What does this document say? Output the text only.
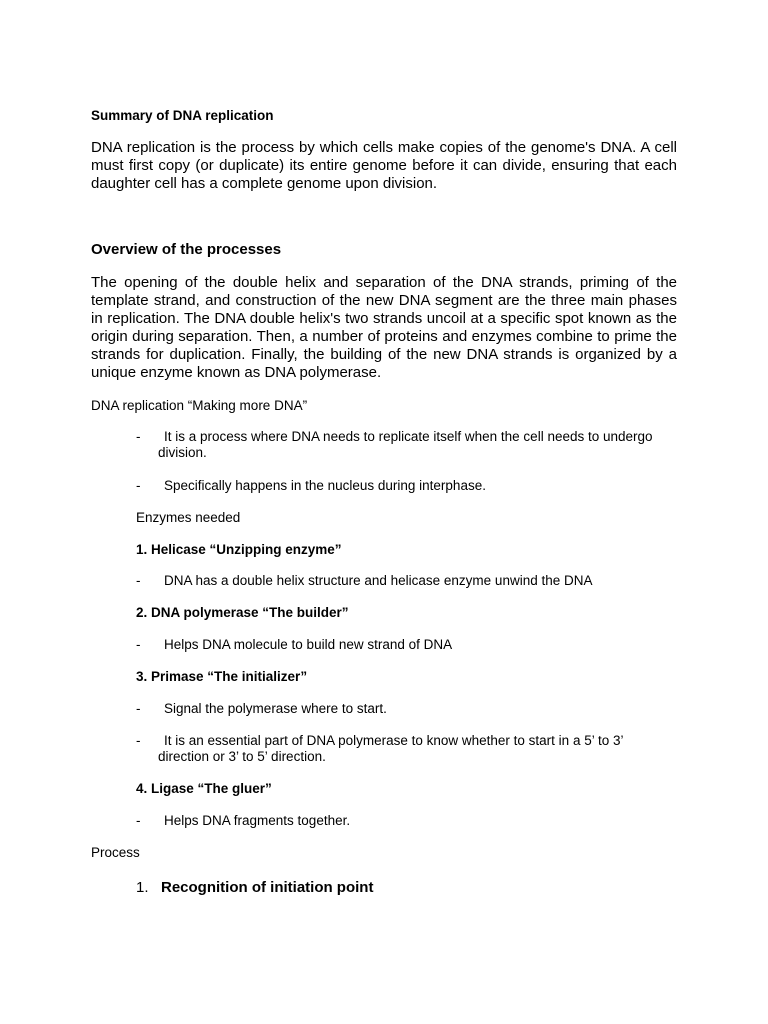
Summary of DNA replication

DNA replication is the process by which cells make copies of the genome's DNA. A cell must first copy (or duplicate) its entire genome before it can divide, ensuring that each daughter cell has a complete genome upon division.

Overview of the processes

The opening of the double helix and separation of the DNA strands, priming of the template strand, and construction of the new DNA segment are the three main phases in replication. The DNA double helix's two strands uncoil at a specific spot known as the origin during separation. Then, a number of proteins and enzymes combine to prime the strands for duplication. Finally, the building of the new DNA strands is organized by a unique enzyme known as DNA polymerase.

DNA replication “Making more DNA”
-	It is a process where DNA needs to replicate itself when the cell needs to undergo division.
-	Specifically happens in the nucleus during interphase.
Enzymes needed
1. Helicase “Unzipping enzyme”
-	DNA has a double helix structure and helicase enzyme unwind the DNA
2. DNA polymerase “The builder”
-	Helps DNA molecule to build new strand of DNA
3. Primase “The initializer”
-	Signal the polymerase where to start.
-	It is an essential part of DNA polymerase to know whether to start in a 5’ to 3’ direction or 3’ to 5’ direction.
4. Ligase “The gluer”
-	Helps DNA fragments together.
Process
1. Recognition of initiation point
